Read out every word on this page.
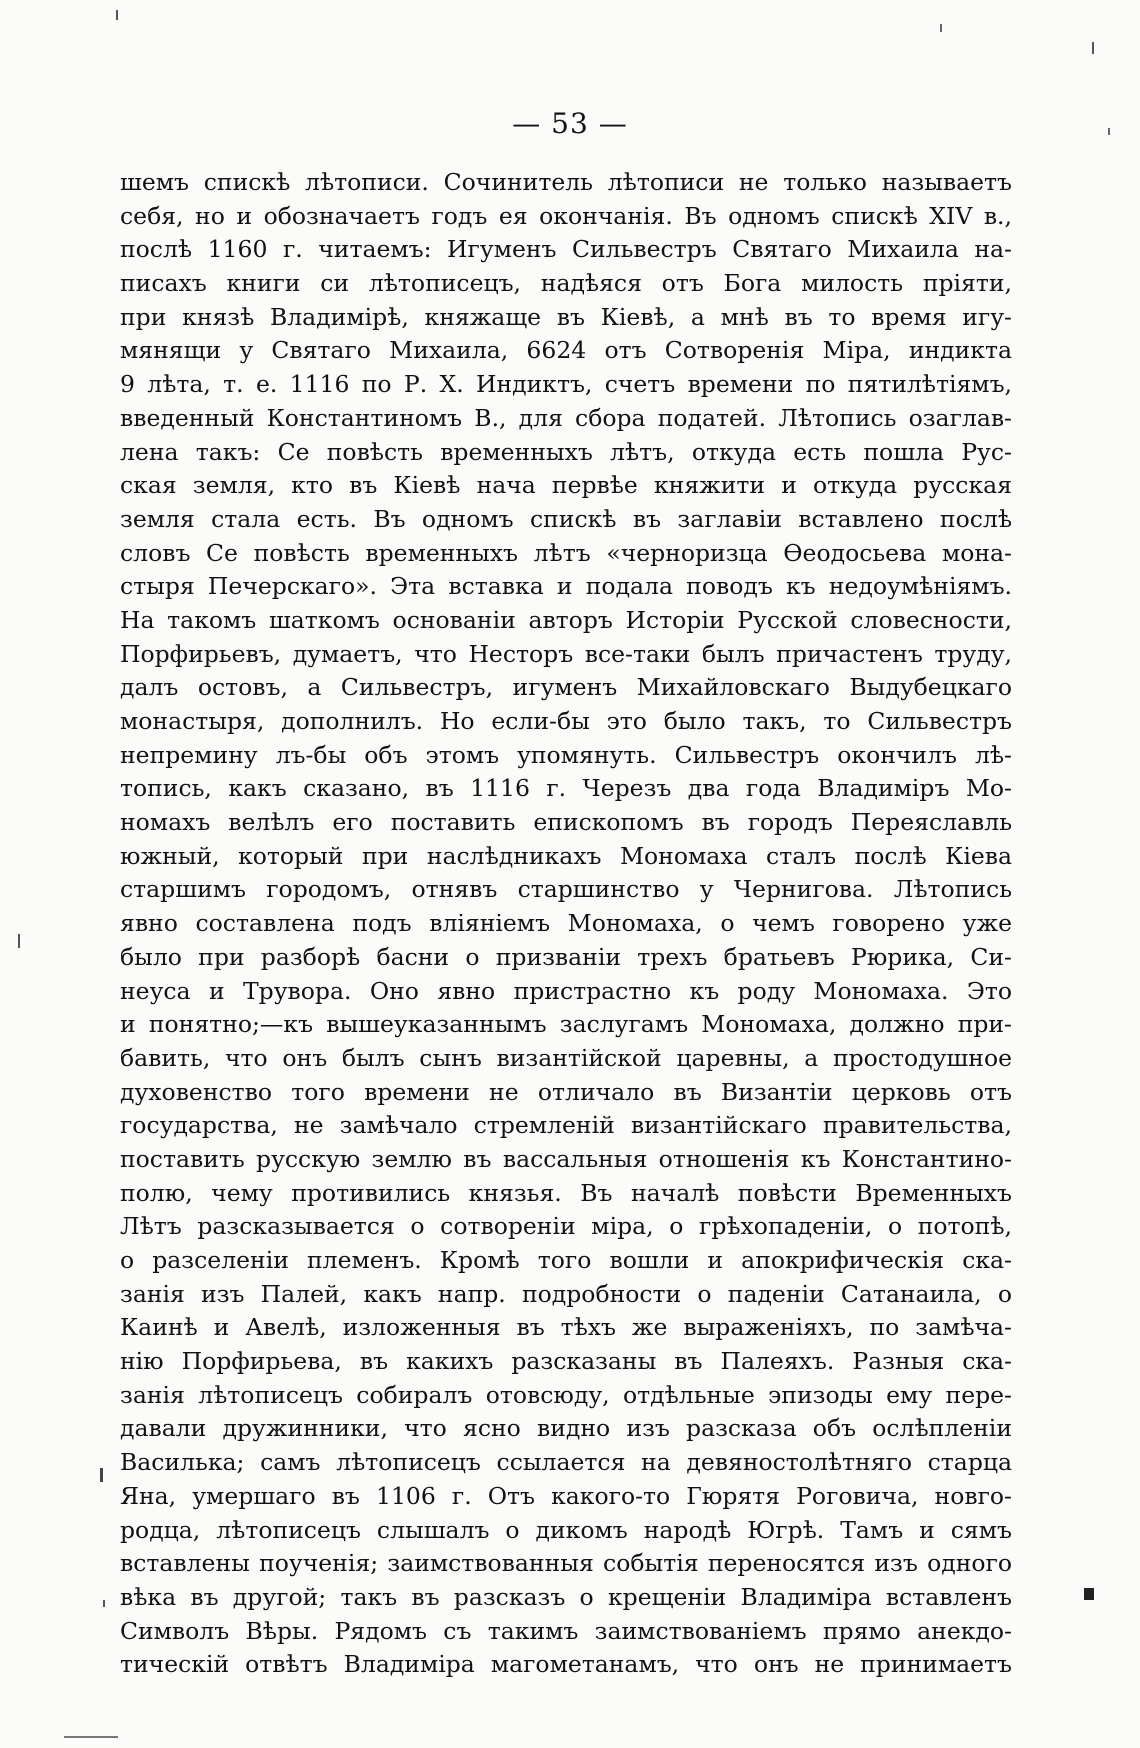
— 53 —
шемъ спискѣ лѣтописи. Сочинитель лѣтописи не только называетъ
себя, но и обозначаетъ годъ ея окончанія. Въ одномъ спискѣ XIV в.,
послѣ 1160 г. читаемъ: Игуменъ Сильвестръ Святаго Михаила на-
писахъ книги си лѣтописецъ, надѣяся отъ Бога милость пріяти,
при князѣ Владимірѣ, княжаще въ Кіевѣ, а мнѣ въ то время игу-
мянящи у Святаго Михаила, 6624 отъ Сотворенія Міра, индикта
9 лѣта, т. е. 1116 по Р. Х. Индиктъ, счетъ времени по пятилѣтіямъ,
введенный Константиномъ В., для сбора податей. Лѣтопись озаглав-
лена такъ: Се повѣсть временныхъ лѣтъ, откуда есть пошла Рус-
ская земля, кто въ Кіевѣ нача первѣе княжити и откуда русская
земля стала есть. Въ одномъ спискѣ въ заглавіи вставлено послѣ
словъ Се повѣсть временныхъ лѣтъ «черноризца Ѳеодосьева мона-
стыря Печерскаго». Эта вставка и подала поводъ къ недоумѣніямъ.
На такомъ шаткомъ основаніи авторъ Исторіи Русской словесности,
Порфирьевъ, думаетъ, что Несторъ все-таки былъ причастенъ труду,
далъ остовъ, а Сильвестръ, игуменъ Михайловскаго Выдубецкаго
монастыря, дополнилъ. Но если-бы это было такъ, то Сильвестръ
непремину лъ-бы объ этомъ упомянуть. Сильвестръ окончилъ лѣ-
топись, какъ сказано, въ 1116 г. Черезъ два года Владиміръ Мо-
номахъ велѣлъ его поставить епископомъ въ городъ Переяславль
южный, который при наслѣдникахъ Мономаха сталъ послѣ Кіева
старшимъ городомъ, отнявъ старшинство у Чернигова. Лѣтопись
явно составлена подъ вліяніемъ Мономаха, о чемъ говорено уже
было при разборѣ басни о призваніи трехъ братьевъ Рюрика, Си-
неуса и Трувора. Оно явно пристрастно къ роду Мономаха. Это
и понятно;—къ вышеуказаннымъ заслугамъ Мономаха, должно при-
бавить, что онъ былъ сынъ византійской царевны, а простодушное
духовенство того времени не отличало въ Византіи церковь отъ
государства, не замѣчало стремленій византійскаго правительства,
поставить русскую землю въ вассальныя отношенія къ Константино-
полю, чему противились князья. Въ началѣ повѣсти Временныхъ
Лѣтъ разсказывается о сотвореніи міра, о грѣхопаденіи, о потопѣ,
о разселеніи племенъ. Кромѣ того вошли и апокрифическія ска-
занія изъ Палей, какъ напр. подробности о паденіи Сатанаила, о
Каинѣ и Авелѣ, изложенныя въ тѣхъ же выраженіяхъ, по замѣча-
нію Порфирьева, въ какихъ разсказаны въ Палеяхъ. Разныя ска-
занія лѣтописецъ собиралъ отовсюду, отдѣльные эпизоды ему пере-
давали дружинники, что ясно видно изъ разсказа объ ослѣпленіи
Василька; самъ лѣтописецъ ссылается на девяностолѣтняго старца
Яна, умершаго въ 1106 г. Отъ какого-то Гюрятя Роговича, новго-
родца, лѣтописецъ слышалъ о дикомъ народѣ Югрѣ. Тамъ и сямъ
вставлены поученія; заимствованныя событія переносятся изъ одного
вѣка въ другой; такъ въ разсказъ о крещеніи Владиміра вставленъ
Символъ Вѣры. Рядомъ съ такимъ заимствованіемъ прямо анекдо-
тическій отвѣтъ Владиміра магометанамъ, что онъ не принимаетъ
